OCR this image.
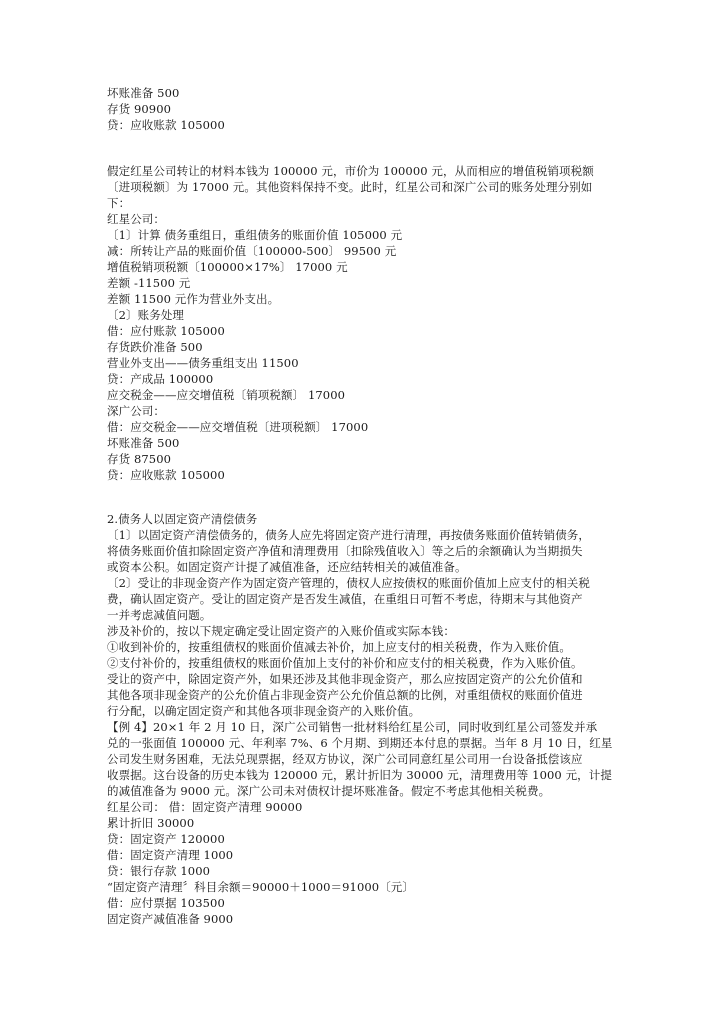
坏账准备 500
存货 90900
贷：应收账款 105000
假定红星公司转让的材料本钱为 100000 元，市价为 100000 元，从而相应的增值税销项税额
〔进项税额〕为 17000 元。其他资料保持不变。此时，红星公司和深广公司的账务处理分别如
下：
红星公司：
〔1〕计算 债务重组日，重组债务的账面价值 105000 元
减：所转让产品的账面价值〔100000-500〕 99500 元
增值税销项税额〔100000×17%〕 17000 元
差额 -11500 元
差额 11500 元作为营业外支出。
〔2〕账务处理
借：应付账款 105000
存货跌价准备 500
营业外支出——债务重组支出 11500
贷：产成品 100000
应交税金——应交增值税〔销项税额〕 17000
深广公司：
借：应交税金——应交增值税〔进项税额〕 17000
坏账准备 500
存货 87500
贷：应收账款 105000
2.债务人以固定资产清偿债务
〔1〕以固定资产清偿债务的，债务人应先将固定资产进行清理，再按债务账面价值转销债务，
将债务账面价值扣除固定资产净值和清理费用〔扣除残值收入〕等之后的余额确认为当期损失
或资本公积。如固定资产计提了减值准备，还应结转相关的减值准备。
〔2〕受让的非现金资产作为固定资产管理的，债权人应按债权的账面价值加上应支付的相关税
费，确认固定资产。受让的固定资产是否发生减值，在重组日可暂不考虑，待期末与其他资产
一并考虑减值问题。
涉及补价的，按以下规定确定受让固定资产的入账价值或实际本钱：
①收到补价的，按重组债权的账面价值减去补价，加上应支付的相关税费，作为入账价值。
②支付补价的，按重组债权的账面价值加上支付的补价和应支付的相关税费，作为入账价值。
受让的资产中，除固定资产外，如果还涉及其他非现金资产，那么应按固定资产的公允价值和
其他各项非现金资产的公允价值占非现金资产公允价值总额的比例，对重组债权的账面价值进
行分配，以确定固定资产和其他各项非现金资产的入账价值。
【例 4】20×1 年 2 月 10 日，深广公司销售一批材料给红星公司，同时收到红星公司签发并承
兑的一张面值 100000 元、年利率 7%、6 个月期、到期还本付息的票据。当年 8 月 10 日，红星
公司发生财务困难，无法兑现票据，经双方协议，深广公司同意红星公司用一台设备抵偿该应
收票据。这台设备的历史本钱为 120000 元，累计折旧为 30000 元，清理费用等 1000 元，计提
的减值准备为 9000 元。深广公司未对债权计提坏账准备。假定不考虑其他相关税费。
红星公司： 借：固定资产清理 90000
累计折旧 30000
贷：固定资产 120000
借：固定资产清理 1000
贷：银行存款 1000
“固定资产清理〞科目余额＝90000＋1000＝91000〔元〕
借：应付票据 103500
固定资产减值准备 9000
